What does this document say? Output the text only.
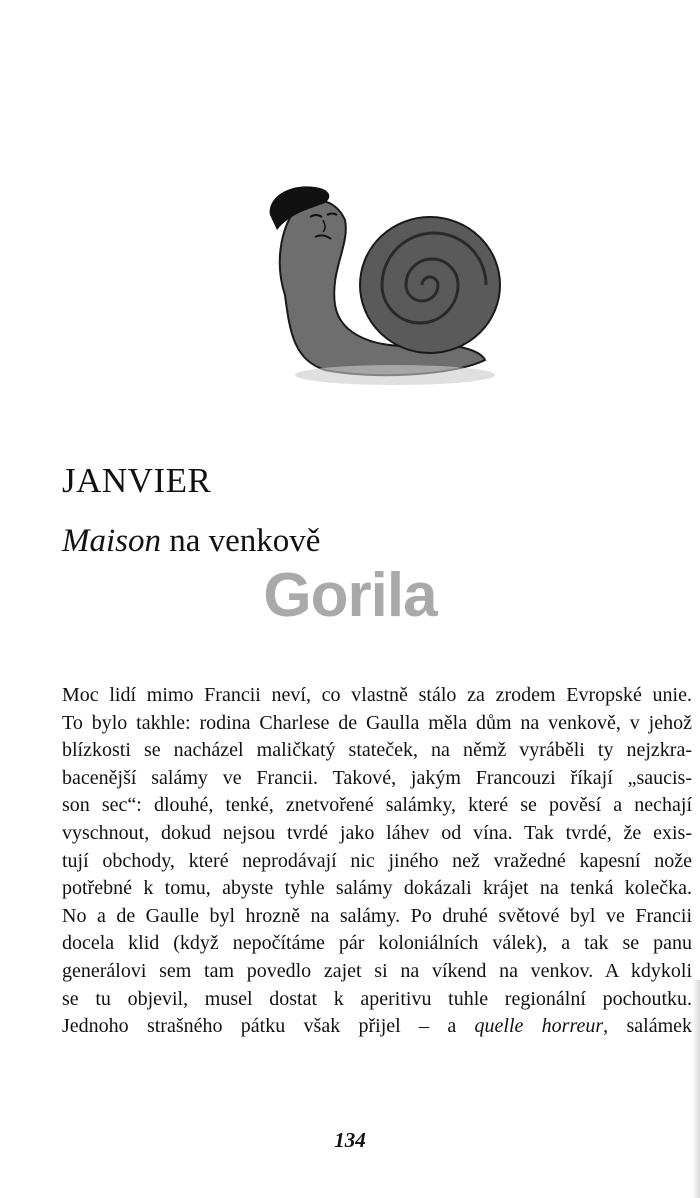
JANVIER
Maison na venkově
Gorila
Moc lidí mimo Francii neví, co vlastně stálo za zrodem Evropské unie.
To bylo takhle: rodina Charlese de Gaulla měla dům na venkově, v jehož
blízkosti se nacházel maličkatý stateček, na němž vyráběli ty nejzkra-
bacenější salámy ve Francii. Takové, jakým Francouzi říkají „saucis-
son sec“: dlouhé, tenké, znetvořené salámky, které se pověsí a nechají
vyschnout, dokud nejsou tvrdé jako láhev od vína. Tak tvrdé, že exis-
tují obchody, které neprodávají nic jiného než vražedné kapesní nože
potřebné k tomu, abyste tyhle salámy dokázali krájet na tenká kolečka.
No a de Gaulle byl hrozně na salámy. Po druhé světové byl ve Francii
docela klid (když nepočítáme pár koloniálních válek), a tak se panu
generálovi sem tam povedlo zajet si na víkend na venkov. A kdykoli
se tu objevil, musel dostat k aperitivu tuhle regionální pochoutku.
Jednoho strašného pátku však přijel – a quelle horreur, salámek
134
